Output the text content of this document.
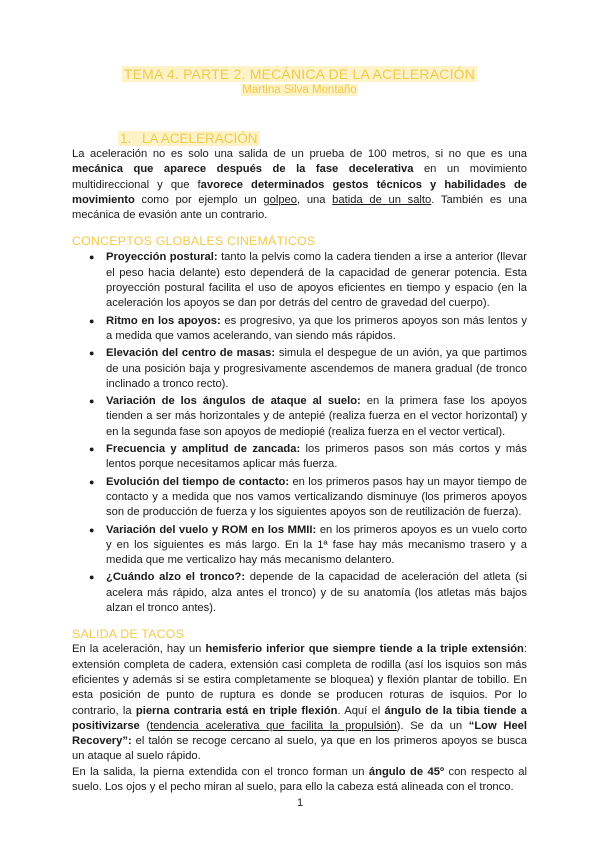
TEMA 4. PARTE 2. MECÁNICA DE LA ACELERACIÓN
Martina Silva Montaño
1. LA ACELERACIÓN

La aceleración no es solo una salida de un prueba de 100 metros, si no que es una mecánica que aparece después de la fase decelerativa en un movimiento multidireccional y que favorece determinados gestos técnicos y habilidades de movimiento como por ejemplo un golpeo, una batida de un salto. También es una mecánica de evasión ante un contrario.

CONCEPTOS GLOBALES CINEMÁTICOS
● Proyección postural: tanto la pelvis como la cadera tienden a irse a anterior (llevar el peso hacia delante) esto dependerá de la capacidad de generar potencia. Esta proyección postural facilita el uso de apoyos eficientes en tiempo y espacio (en la aceleración los apoyos se dan por detrás del centro de gravedad del cuerpo).
● Ritmo en los apoyos: es progresivo, ya que los primeros apoyos son más lentos y a medida que vamos acelerando, van siendo más rápidos.
● Elevación del centro de masas: simula el despegue de un avión, ya que partimos de una posición baja y progresivamente ascendemos de manera gradual (de tronco inclinado a tronco recto).
● Variación de los ángulos de ataque al suelo: en la primera fase los apoyos tienden a ser más horizontales y de antepié (realiza fuerza en el vector horizontal) y en la segunda fase son apoyos de mediopié (realiza fuerza en el vector vertical).
● Frecuencia y amplitud de zancada: los primeros pasos son más cortos y más lentos porque necesitamos aplicar más fuerza.
● Evolución del tiempo de contacto: en los primeros pasos hay un mayor tiempo de contacto y a medida que nos vamos verticalizando disminuye (los primeros apoyos son de producción de fuerza y los siguientes apoyos son de reutilización de fuerza).
● Variación del vuelo y ROM en los MMII: en los primeros apoyos es un vuelo corto y en los siguientes es más largo. En la 1ª fase hay más mecanismo trasero y a medida que me verticalizo hay más mecanismo delantero.
● ¿Cuándo alzo el tronco?: depende de la capacidad de aceleración del atleta (si acelera más rápido, alza antes el tronco) y de su anatomía (los atletas más bajos alzan el tronco antes).
SALIDA DE TACOS

En la aceleración, hay un hemisferio inferior que siempre tiende a la triple extensión: extensión completa de cadera, extensión casi completa de rodilla (así los isquios son más eficientes y además si se estira completamente se bloquea) y flexión plantar de tobillo. En esta posición de punto de ruptura es donde se producen roturas de isquios. Por lo contrario, la pierna contraria está en triple flexión. Aquí el ángulo de la tibia tiende a positivizarse (tendencia acelerativa que facilita la propulsión). Se da un “Low Heel Recovery”: el talón se recoge cercano al suelo, ya que en los primeros apoyos se busca un ataque al suelo rápido.

En la salida, la pierna extendida con el tronco forman un ángulo de 45º con respecto al suelo. Los ojos y el pecho miran al suelo, para ello la cabeza está alineada con el tronco.

1
